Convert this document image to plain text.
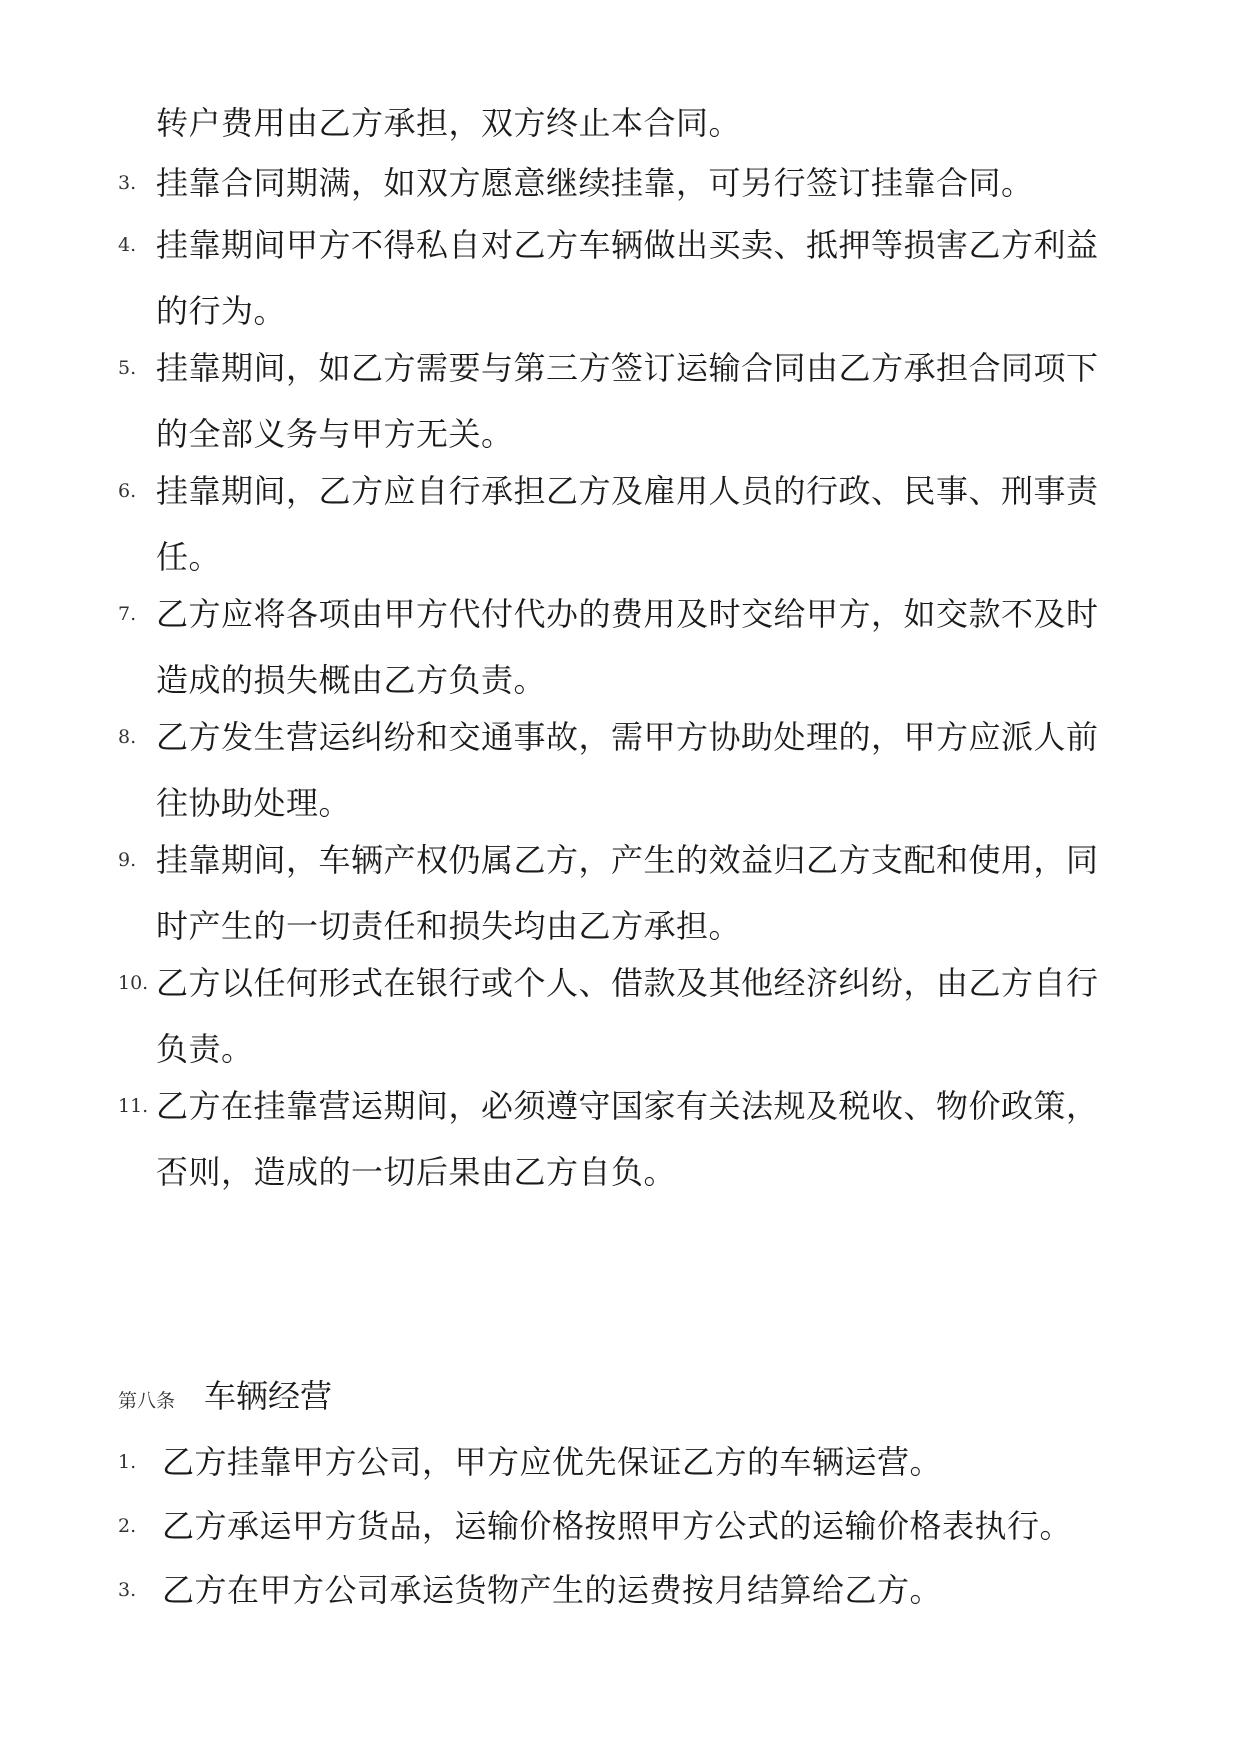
转户费用由乙方承担，双方终止本合同。
3. 挂靠合同期满，如双方愿意继续挂靠，可另行签订挂靠合同。
4. 挂靠期间甲方不得私自对乙方车辆做出买卖、抵押等损害乙方利益
的行为。
5. 挂靠期间，如乙方需要与第三方签订运输合同由乙方承担合同项下
的全部义务与甲方无关。
6. 挂靠期间，乙方应自行承担乙方及雇用人员的行政、民事、刑事责
任。
7. 乙方应将各项由甲方代付代办的费用及时交给甲方，如交款不及时
造成的损失概由乙方负责。
8. 乙方发生营运纠纷和交通事故，需甲方协助处理的，甲方应派人前
往协助处理。
9. 挂靠期间，车辆产权仍属乙方，产生的效益归乙方支配和使用，同
时产生的一切责任和损失均由乙方承担。
10. 乙方以任何形式在银行或个人、借款及其他经济纠纷，由乙方自行
负责。
11. 乙方在挂靠营运期间，必须遵守国家有关法规及税收、物价政策，
否则，造成的一切后果由乙方自负。
第八条 车辆经营
1. 乙方挂靠甲方公司，甲方应优先保证乙方的车辆运营。
2. 乙方承运甲方货品，运输价格按照甲方公式的运输价格表执行。
3. 乙方在甲方公司承运货物产生的运费按月结算给乙方。
